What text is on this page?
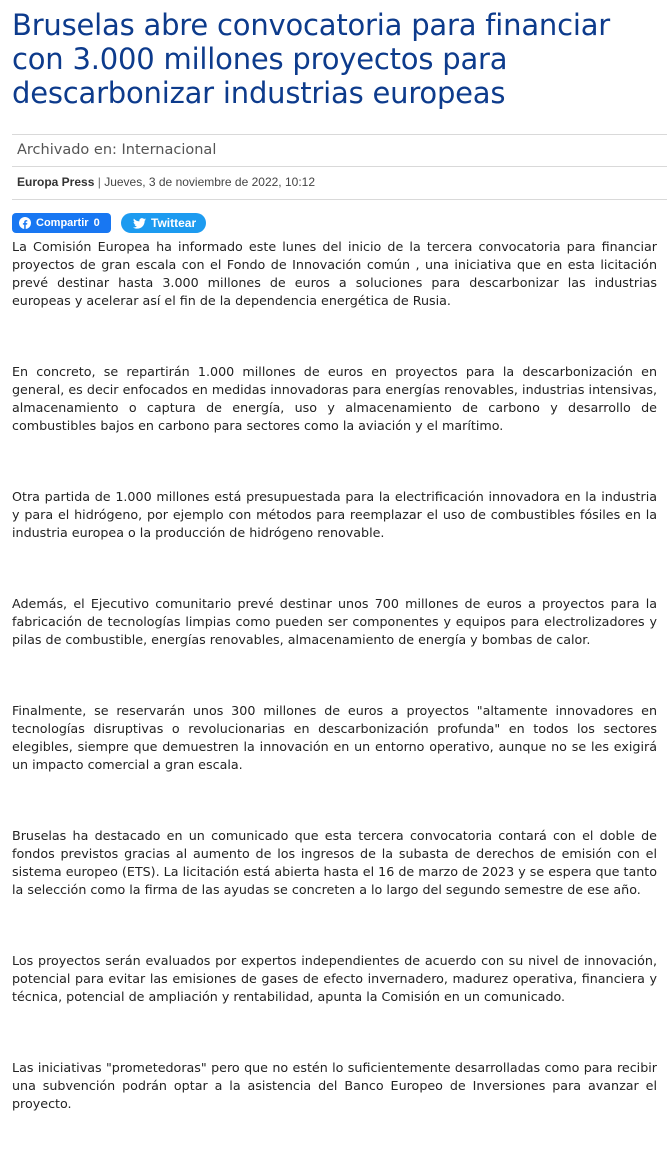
Bruselas abre convocatoria para financiar con 3.000 millones proyectos para descarbonizar industrias europeas
Archivado en: Internacional
Europa Press | Jueves, 3 de noviembre de 2022, 10:12
Compartir 0	Twittear

La Comisión Europea ha informado este lunes del inicio de la tercera convocatoria para financiar proyectos de gran escala con el Fondo de Innovación común , una iniciativa que en esta licitación prevé destinar hasta 3.000 millones de euros a soluciones para descarbonizar las industrias europeas y acelerar así el fin de la dependencia energética de Rusia.

En concreto, se repartirán 1.000 millones de euros en proyectos para la descarbonización en general, es decir enfocados en medidas innovadoras para energías renovables, industrias intensivas, almacenamiento o captura de energía, uso y almacenamiento de carbono y desarrollo de combustibles bajos en carbono para sectores como la aviación y el marítimo.

Otra partida de 1.000 millones está presupuestada para la electrificación innovadora en la industria y para el hidrógeno, por ejemplo con métodos para reemplazar el uso de combustibles fósiles en la industria europea o la producción de hidrógeno renovable.

Además, el Ejecutivo comunitario prevé destinar unos 700 millones de euros a proyectos para la fabricación de tecnologías limpias como pueden ser componentes y equipos para electrolizadores y pilas de combustible, energías renovables, almacenamiento de energía y bombas de calor.

Finalmente, se reservarán unos 300 millones de euros a proyectos "altamente innovadores en tecnologías disruptivas o revolucionarias en descarbonización profunda" en todos los sectores elegibles, siempre que demuestren la innovación en un entorno operativo, aunque no se les exigirá un impacto comercial a gran escala.

Bruselas ha destacado en un comunicado que esta tercera convocatoria contará con el doble de fondos previstos gracias al aumento de los ingresos de la subasta de derechos de emisión con el sistema europeo (ETS). La licitación está abierta hasta el 16 de marzo de 2023 y se espera que tanto la selección como la firma de las ayudas se concreten a lo largo del segundo semestre de ese año.

Los proyectos serán evaluados por expertos independientes de acuerdo con su nivel de innovación, potencial para evitar las emisiones de gases de efecto invernadero, madurez operativa, financiera y técnica, potencial de ampliación y rentabilidad, apunta la Comisión en un comunicado.

Las iniciativas "prometedoras" pero que no estén lo suficientemente desarrolladas como para recibir una subvención podrán optar a la asistencia del Banco Europeo de Inversiones para avanzar el proyecto.
